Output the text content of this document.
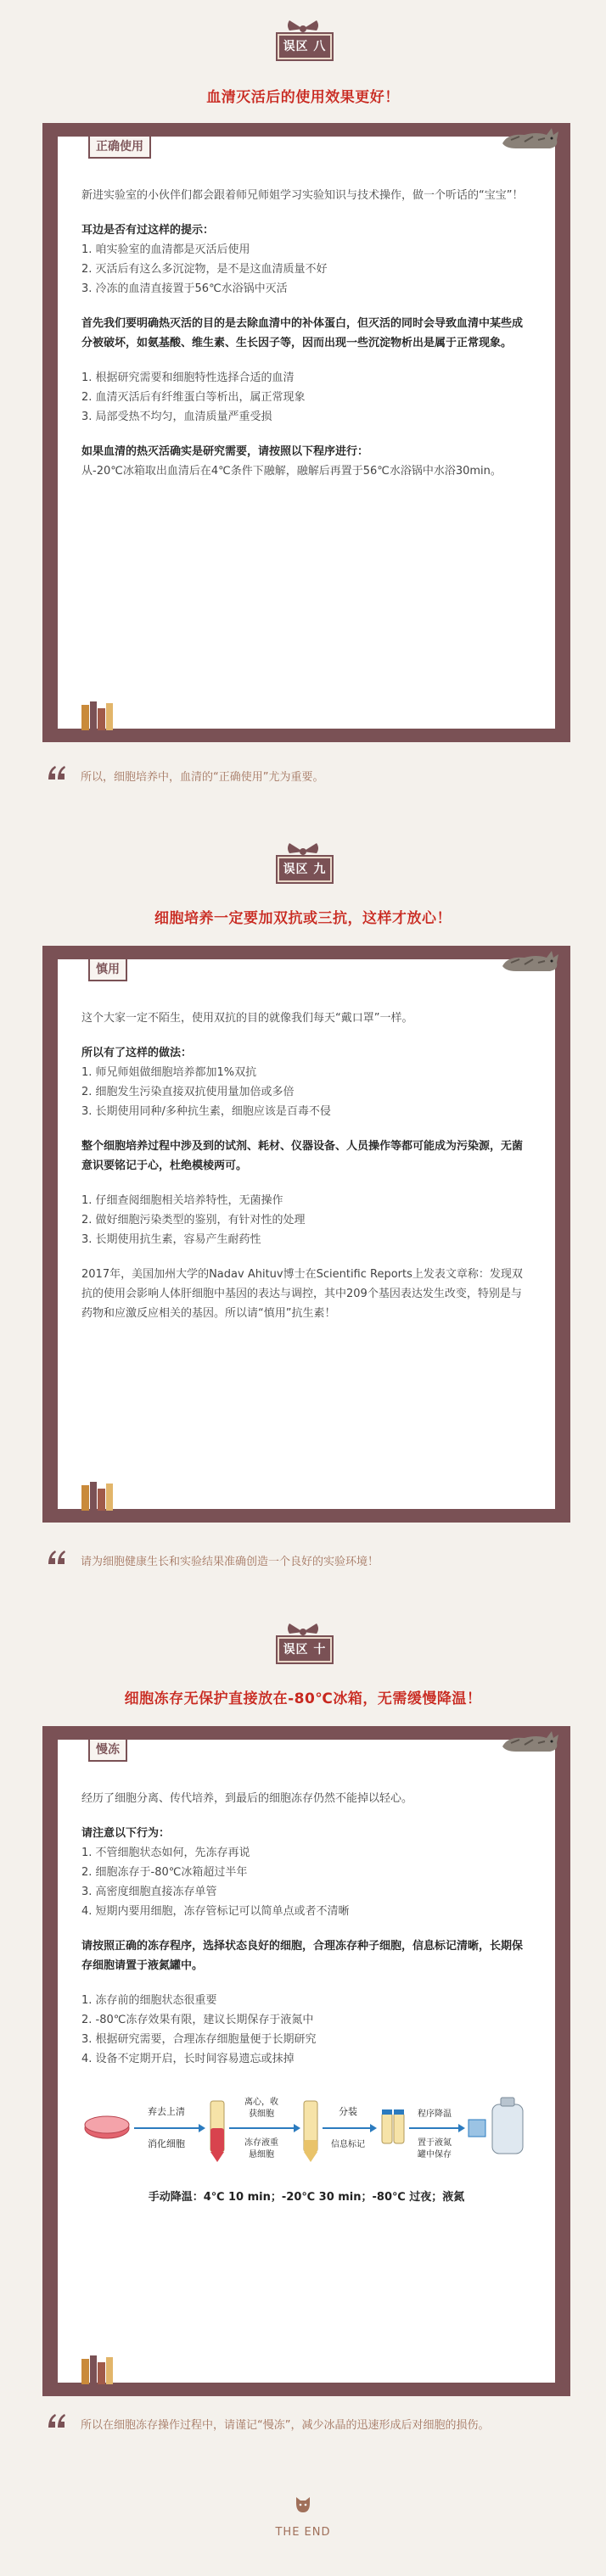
误区 八
血清灭活后的使用效果更好！
正确使用

新进实验室的小伙伴们都会跟着师兄师姐学习实验知识与技术操作，做一个听话的“宝宝”！

耳边是否有过这样的提示：

1. 咱实验室的血清都是灭活后使用

2. 灭活后有这么多沉淀物，是不是这血清质量不好

3. 冷冻的血清直接置于56℃水浴锅中灭活

首先我们要明确热灭活的目的是去除血清中的补体蛋白，但灭活的同时会导致血清中某些成分被破坏，如氨基酸、维生素、生长因子等，因而出现一些沉淀物析出是属于正常现象。

1. 根据研究需要和细胞特性选择合适的血清

2. 血清灭活后有纤维蛋白等析出，属正常现象

3. 局部受热不均匀，血清质量严重受损

如果血清的热灭活确实是研究需要，请按照以下程序进行：

从-20℃冰箱取出血清后在4℃条件下融解，融解后再置于56℃水浴锅中水浴30min。

所以，细胞培养中，血清的“正确使用”尤为重要。
误区 九
细胞培养一定要加双抗或三抗，这样才放心！
慎用

这个大家一定不陌生，使用双抗的目的就像我们每天“戴口罩”一样。

所以有了这样的做法：

1. 师兄师姐做细胞培养都加1%双抗

2. 细胞发生污染直接双抗使用量加倍或多倍

3. 长期使用同种/多种抗生素，细胞应该是百毒不侵

整个细胞培养过程中涉及到的试剂、耗材、仪器设备、人员操作等都可能成为污染源，无菌意识要铭记于心，杜绝模棱两可。

1. 仔细查阅细胞相关培养特性，无菌操作

2. 做好细胞污染类型的鉴别，有针对性的处理

3. 长期使用抗生素，容易产生耐药性

2017年，美国加州大学的Nadav Ahituv博士在Scientific Reports上发表文章称：发现双抗的使用会影响人体肝细胞中基因的表达与调控，其中209个基因表达发生改变，特别是与药物和应激反应相关的基因。所以请“慎用”抗生素！

请为细胞健康生长和实验结果准确创造一个良好的实验环境！
误区 十
细胞冻存无保护直接放在-80℃冰箱，无需缓慢降温！
慢冻

经历了细胞分离、传代培养，到最后的细胞冻存仍然不能掉以轻心。

请注意以下行为：

1. 不管细胞状态如何，先冻存再说

2. 细胞冻存于-80℃冰箱超过半年

3. 高密度细胞直接冻存单管

4. 短期内要用细胞，冻存管标记可以简单点或者不清晰

请按照正确的冻存程序，选择状态良好的细胞，合理冻存种子细胞，信息标记清晰，长期保存细胞请置于液氮罐中。

1. 冻存前的细胞状态很重要

2. -80℃冻存效果有限，建议长期保存于液氮中

3. 根据研究需要，合理冻存细胞量便于长期研究

4. 设备不定期开启，长时间容易遗忘或抹掉

弃去上清
消化细胞
离心，收
获细胞
冻存液重
悬细胞
分装
信息标记
程序降温
置于液氮
罐中保存
手动降温：4℃ 10 min；-20℃ 30 min；-80℃ 过夜；液氮
所以在细胞冻存操作过程中，请谨记“慢冻”，减少冰晶的迅速形成后对细胞的损伤。
THE END
